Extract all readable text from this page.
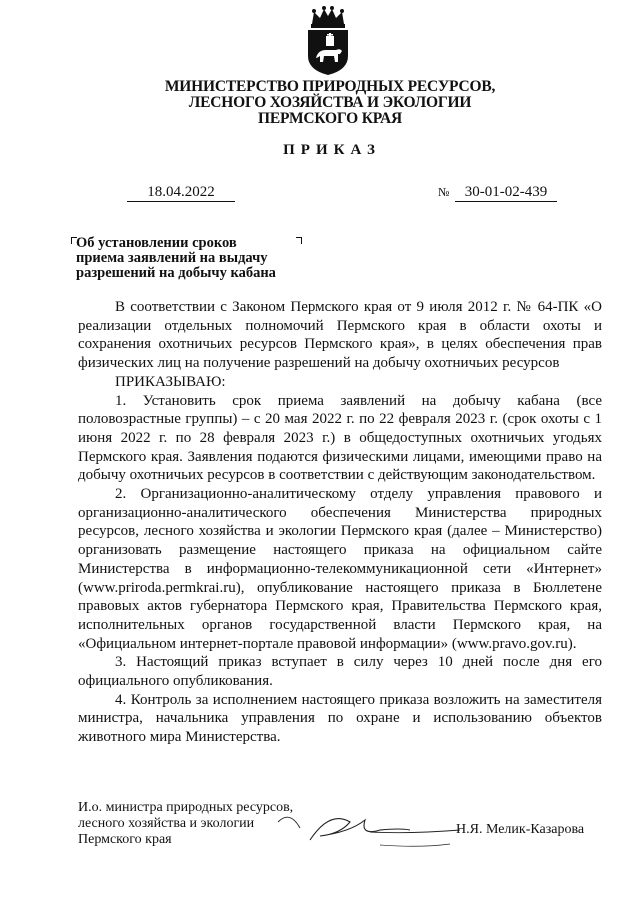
МИНИСТЕРСТВО ПРИРОДНЫХ РЕСУРСОВ,
ЛЕСНОГО ХОЗЯЙСТВА И ЭКОЛОГИИ
ПЕРМСКОГО КРАЯ
ПРИКАЗ
18.04.2022	№	30-01-02-439
Об установлении сроков
приема заявлений на выдачу
разрешений на добычу кабана

В соответствии с Законом Пермского края от 9 июля 2012 г. № 64-ПК «О реализации отдельных полномочий Пермского края в области охоты и сохранения охотничьих ресурсов Пермского края», в целях обеспечения прав физических лиц на получение разрешений на добычу охотничьих ресурсов

ПРИКАЗЫВАЮ:

1. Установить срок приема заявлений на добычу кабана (все половозрастные группы) – с 20 мая 2022 г. по 22 февраля 2023 г. (срок охоты с 1 июня 2022 г. по 28 февраля 2023 г.) в общедоступных охотничьих угодьях Пермского края. Заявления подаются физическими лицами, имеющими право на добычу охотничьих ресурсов в соответствии с действующим законодательством.

2. Организационно-аналитическому отделу управления правового и организационно-аналитического обеспечения Министерства природных ресурсов, лесного хозяйства и экологии Пермского края (далее – Министерство) организовать размещение настоящего приказа на официальном сайте Министерства в информационно-телекоммуникационной сети «Интернет» (www.priroda.permkrai.ru), опубликование настоящего приказа в Бюллетене правовых актов губернатора Пермского края, Правительства Пермского края, исполнительных органов государственной власти Пермского края, на «Официальном интернет-портале правовой информации» (www.pravo.gov.ru).

3. Настоящий приказ вступает в силу через 10 дней после дня его официального опубликования.

4. Контроль за исполнением настоящего приказа возложить на заместителя министра, начальника управления по охране и использованию объектов животного мира Министерства.

И.о. министра природных ресурсов,
лесного хозяйства и экологии
Пермского края
Н.Я. Мелик-Казарова
